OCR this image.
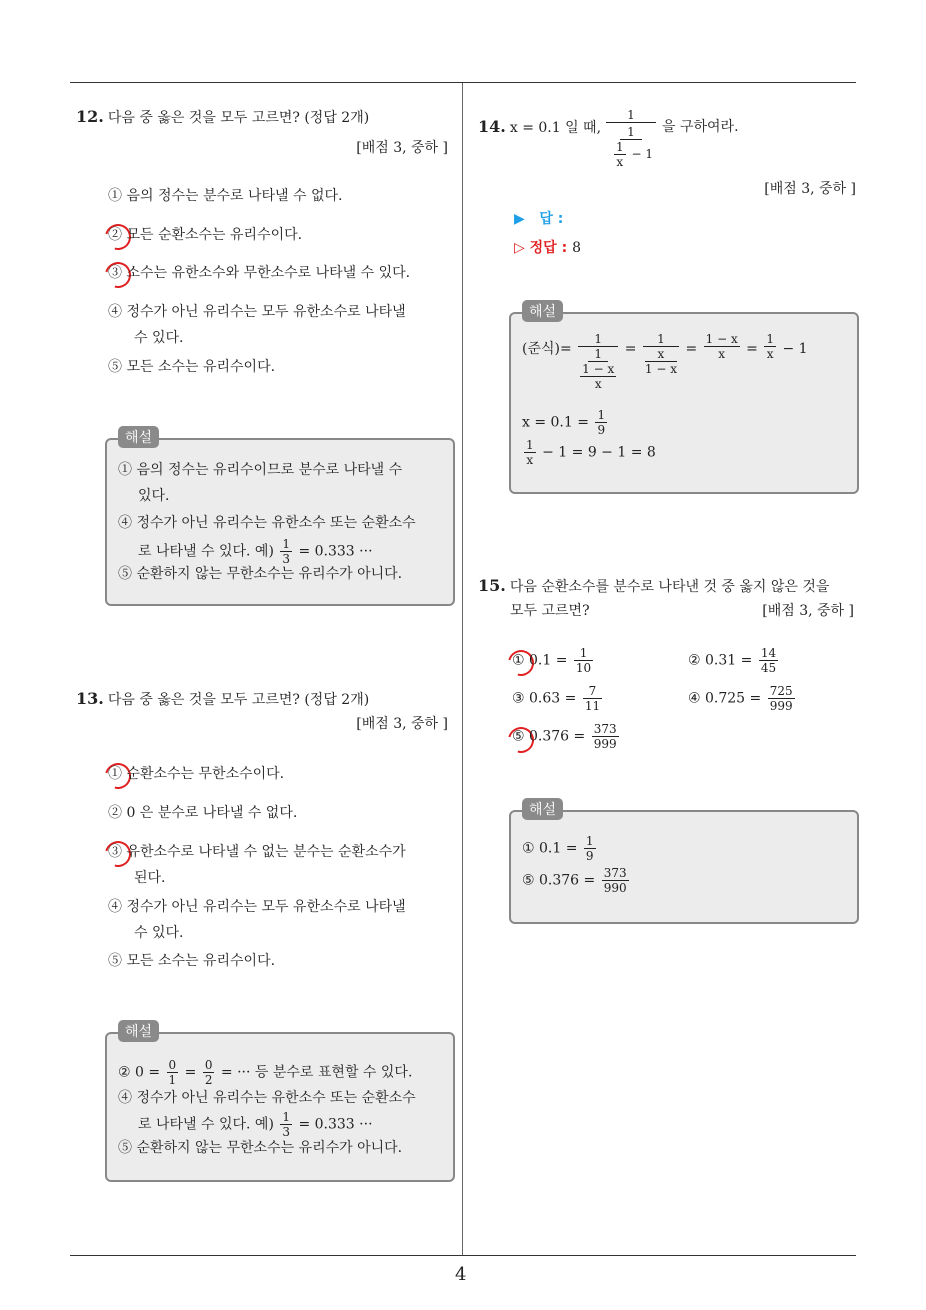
12. 다음 중 옳은 것을 모두 고르면? (정답 2개)
[배점 3, 중하 ]
① 음의 정수는 분수로 나타낼 수 없다.
② 모든 순환소수는 유리수이다.
③ 소수는 유한소수와 무한소수로 나타낼 수 있다.
④ 정수가 아닌 유리수는 모두 유한소수로 나타낼
수 있다.
⑤ 모든 소수는 유리수이다.
해설
① 음의 정수는 유리수이므로 분수로 나타낼 수
있다.
④ 정수가 아닌 유리수는 유한소수 또는 순환소수
로 나타낼 수 있다. 예) $\frac{1}{3} = 0.333$ ···
⑤ 순환하지 않는 무한소수는 유리수가 아니다.
13. 다음 중 옳은 것을 모두 고르면? (정답 2개)
[배점 3, 중하 ]
① 순환소수는 무한소수이다.
② 0 은 분수로 나타낼 수 없다.
③ 유한소수로 나타낼 수 없는 분수는 순환소수가
된다.
④ 정수가 아닌 유리수는 모두 유한소수로 나타낼
수 있다.
⑤ 모든 소수는 유리수이다.
해설
② $0 = \frac{0}{1} = \frac{0}{2}$ = ··· 등 분수로 표현할 수 있다.
④ 정수가 아닌 유리수는 유한소수 또는 순환소수
로 나타낼 수 있다. 예) $\frac{1}{3} = 0.333$ ···
⑤ 순환하지 않는 무한소수는 유리수가 아니다.
14. x = 0.1 일 때,
1
1
$\frac{1}{x} - 1$
을 구하여라.
[배점 3, 중하 ]
▶ 답 :
▷ 정답 : 8
해설
(준식)= 1
1
$\frac{1 - x}{x} = 1$
x
$1 - x = \frac{1 - x}{x} = \frac{1}{x} - 1$
$x = 0.1 = \frac{1}{9}$
$\frac{1}{x} - 1 = 9 - 1 = 8$
15. 다음 순환소수를 분수로 나타낸 것 중 옳지 않은 것을
모두 고르면?	[배점 3, 중하 ]
① $0.1 = \frac{1}{10}$	② $0.31 = \frac{14}{45}$
③ $0.63 = \frac{7}{11}$	④ $0.725 = \frac{725}{999}$
⑤ $0.376 = \frac{373}{999}$
해설
① $0.1 = \frac{1}{9}$
⑤ $0.376 = \frac{373}{990}$
4
